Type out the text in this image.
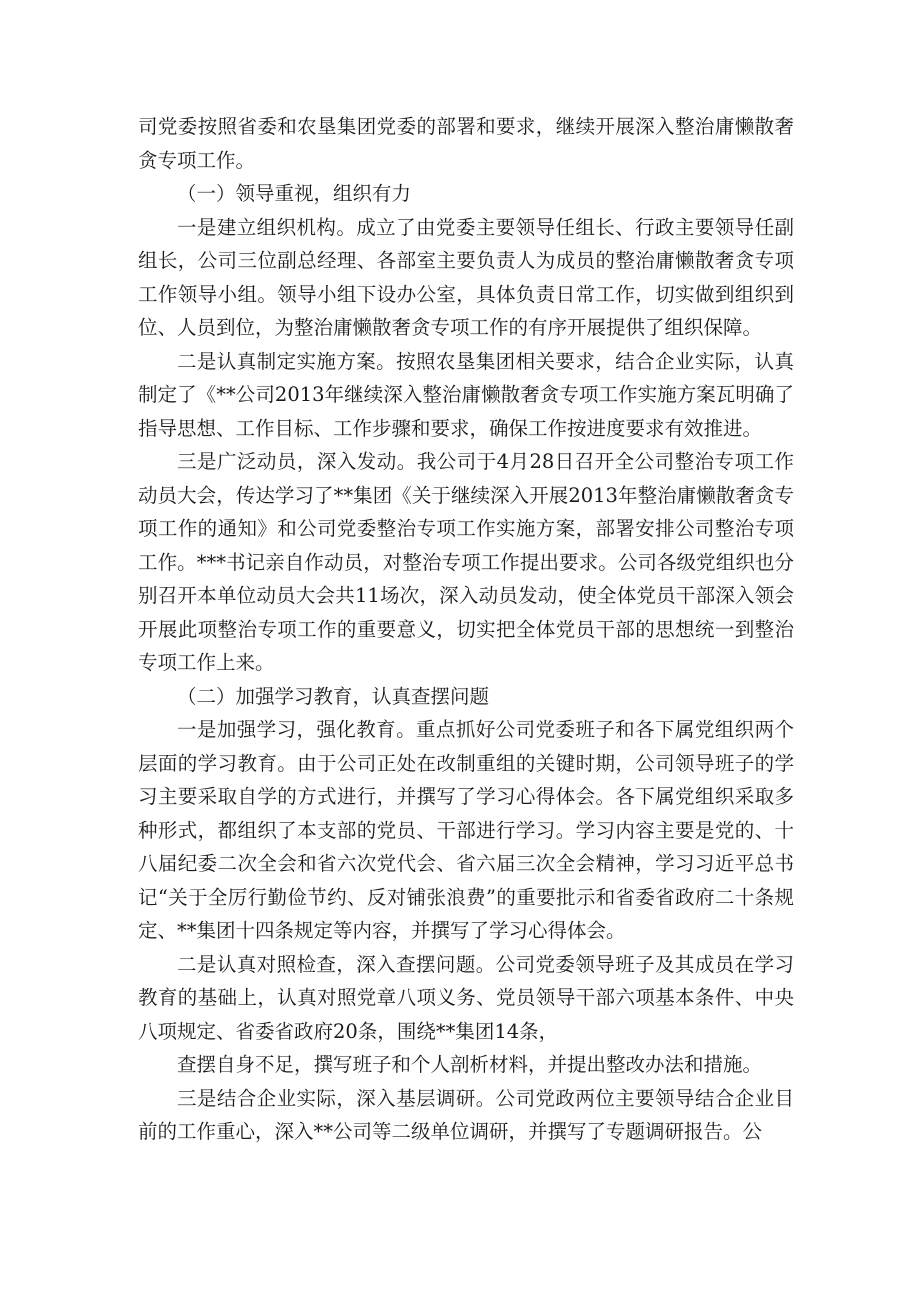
司党委按照省委和农垦集团党委的部署和要求，继续开展深入整治庸懒散奢贪专项工作。

（一）领导重视，组织有力

一是建立组织机构。成立了由党委主要领导任组长、行政主要领导任副组长，公司三位副总经理、各部室主要负责人为成员的整治庸懒散奢贪专项工作领导小组。领导小组下设办公室，具体负责日常工作，切实做到组织到位、人员到位，为整治庸懒散奢贪专项工作的有序开展提供了组织保障。

二是认真制定实施方案。按照农垦集团相关要求，结合企业实际，认真制定了《**公司2013年继续深入整治庸懒散奢贪专项工作实施方案瓦明确了指导思想、工作目标、工作步骤和要求，确保工作按进度要求有效推进。

三是广泛动员，深入发动。我公司于4月28日召开全公司整治专项工作动员大会，传达学习了**集团《关于继续深入开展2013年整治庸懒散奢贪专项工作的通知》和公司党委整治专项工作实施方案，部署安排公司整治专项工作。***书记亲自作动员，对整治专项工作提出要求。公司各级党组织也分别召开本单位动员大会共11场次，深入动员发动，使全体党员干部深入领会开展此项整治专项工作的重要意义，切实把全体党员干部的思想统一到整治专项工作上来。

（二）加强学习教育，认真查摆问题

一是加强学习，强化教育。重点抓好公司党委班子和各下属党组织两个层面的学习教育。由于公司正处在改制重组的关键时期，公司领导班子的学习主要采取自学的方式进行，并撰写了学习心得体会。各下属党组织采取多种形式，都组织了本支部的党员、干部进行学习。学习内容主要是党的、十八届纪委二次全会和省六次党代会、省六届三次全会精神，学习习近平总书记“关于全厉行勤俭节约、反对铺张浪费”的重要批示和省委省政府二十条规定、**集团十四条规定等内容，并撰写了学习心得体会。

二是认真对照检查，深入查摆问题。公司党委领导班子及其成员在学习教育的基础上，认真对照党章八项义务、党员领导干部六项基本条件、中央八项规定、省委省政府20条，围绕**集团14条，

查摆自身不足，撰写班子和个人剖析材料，并提出整改办法和措施。

三是结合企业实际，深入基层调研。公司党政两位主要领导结合企业目前的工作重心，深入**公司等二级单位调研，并撰写了专题调研报告。公
